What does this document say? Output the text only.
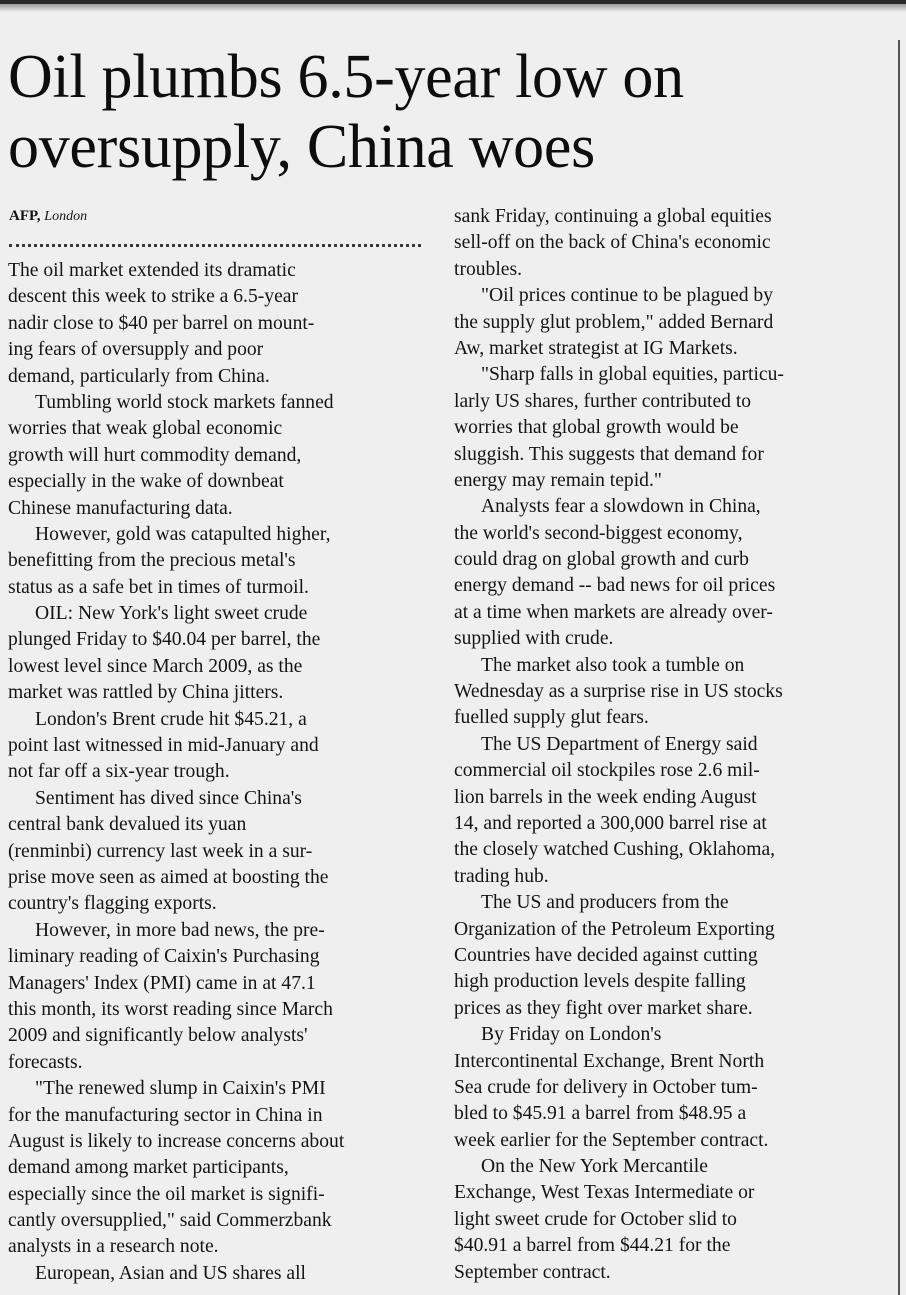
Oil plumbs 6.5-year low on
oversupply, China woes
AFP, London
The oil market extended its dramatic
descent this week to strike a 6.5-year
nadir close to $40 per barrel on mount-
ing fears of oversupply and poor
demand, particularly from China.
Tumbling world stock markets fanned
worries that weak global economic
growth will hurt commodity demand,
especially in the wake of downbeat
Chinese manufacturing data.
However, gold was catapulted higher,
benefitting from the precious metal's
status as a safe bet in times of turmoil.
OIL: New York's light sweet crude
plunged Friday to $40.04 per barrel, the
lowest level since March 2009, as the
market was rattled by China jitters.
London's Brent crude hit $45.21, a
point last witnessed in mid-January and
not far off a six-year trough.
Sentiment has dived since China's
central bank devalued its yuan
(renminbi) currency last week in a sur-
prise move seen as aimed at boosting the
country's flagging exports.
However, in more bad news, the pre-
liminary reading of Caixin's Purchasing
Managers' Index (PMI) came in at 47.1
this month, its worst reading since March
2009 and significantly below analysts'
forecasts.
"The renewed slump in Caixin's PMI
for the manufacturing sector in China in
August is likely to increase concerns about
demand among market participants,
especially since the oil market is signifi-
cantly oversupplied," said Commerzbank
analysts in a research note.
European, Asian and US shares all
sank Friday, continuing a global equities
sell-off on the back of China's economic
troubles.
"Oil prices continue to be plagued by
the supply glut problem," added Bernard
Aw, market strategist at IG Markets.
"Sharp falls in global equities, particu-
larly US shares, further contributed to
worries that global growth would be
sluggish. This suggests that demand for
energy may remain tepid."
Analysts fear a slowdown in China,
the world's second-biggest economy,
could drag on global growth and curb
energy demand -- bad news for oil prices
at a time when markets are already over-
supplied with crude.
The market also took a tumble on
Wednesday as a surprise rise in US stocks
fuelled supply glut fears.
The US Department of Energy said
commercial oil stockpiles rose 2.6 mil-
lion barrels in the week ending August
14, and reported a 300,000 barrel rise at
the closely watched Cushing, Oklahoma,
trading hub.
The US and producers from the
Organization of the Petroleum Exporting
Countries have decided against cutting
high production levels despite falling
prices as they fight over market share.
By Friday on London's
Intercontinental Exchange, Brent North
Sea crude for delivery in October tum-
bled to $45.91 a barrel from $48.95 a
week earlier for the September contract.
On the New York Mercantile
Exchange, West Texas Intermediate or
light sweet crude for October slid to
$40.91 a barrel from $44.21 for the
September contract.
